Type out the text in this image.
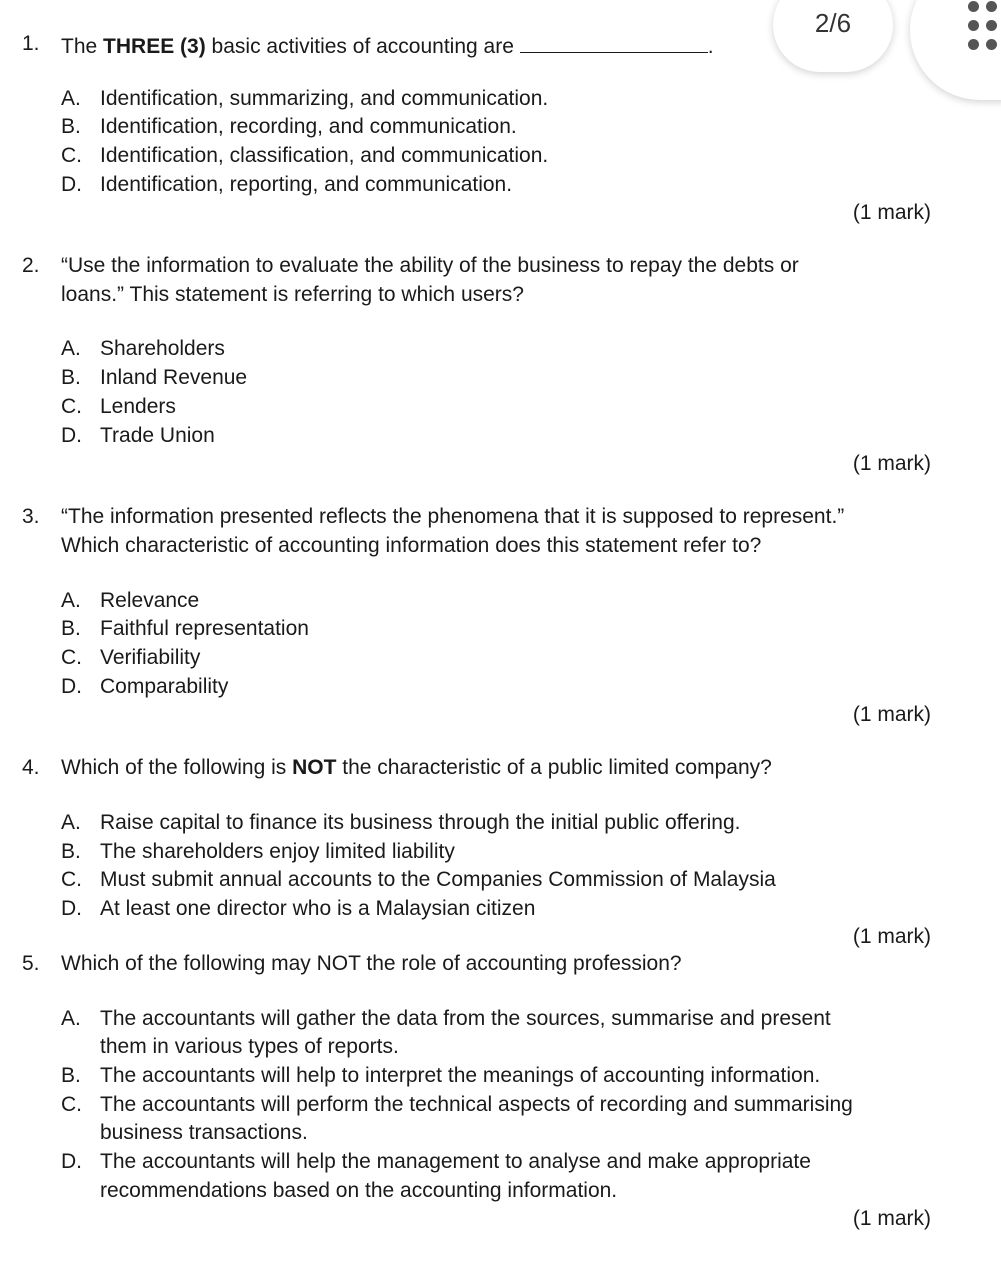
2/6
1. The THREE (3) basic activities of accounting are	.
A. Identification, summarizing, and communication.
B. Identification, recording, and communication.
C. Identification, classification, and communication.
D. Identification, reporting, and communication.
(1 mark)
2. “Use the information to evaluate the ability of the business to repay the debts or
loans.” This statement is referring to which users?
A. Shareholders
B. Inland Revenue
C. Lenders
D. Trade Union
(1 mark)
3. “The information presented reflects the phenomena that it is supposed to represent.”
Which characteristic of accounting information does this statement refer to?
A. Relevance
B. Faithful representation
C. Verifiability
D. Comparability
(1 mark)
4. Which of the following is NOT the characteristic of a public limited company?
A. Raise capital to finance its business through the initial public offering.
B. The shareholders enjoy limited liability
C. Must submit annual accounts to the Companies Commission of Malaysia
D. At least one director who is a Malaysian citizen
(1 mark)
5. Which of the following may NOT the role of accounting profession?
A. The accountants will gather the data from the sources, summarise and present
them in various types of reports.
B. The accountants will help to interpret the meanings of accounting information.
C. The accountants will perform the technical aspects of recording and summarising
business transactions.
D. The accountants will help the management to analyse and make appropriate
recommendations based on the accounting information.
(1 mark)
